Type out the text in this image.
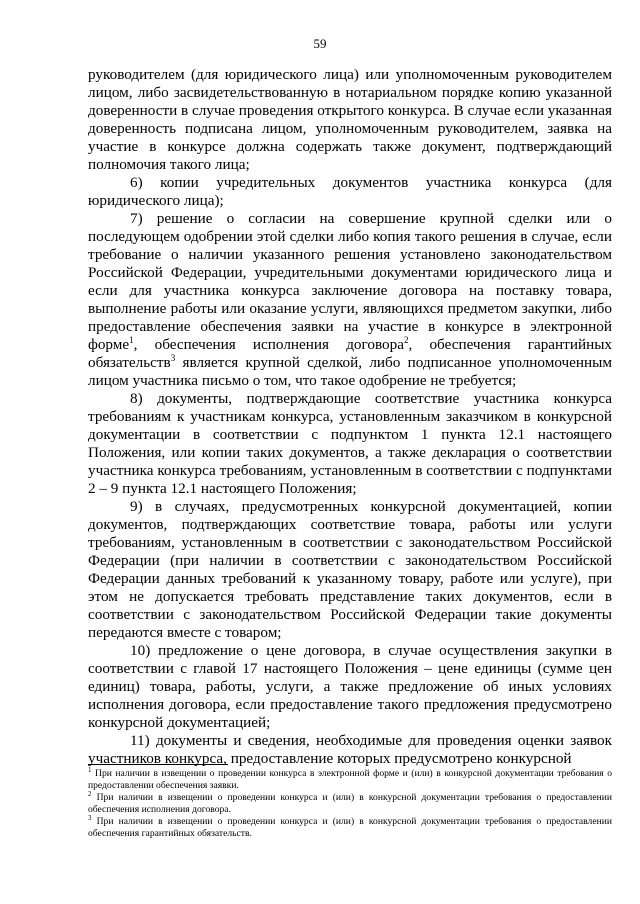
59

руководителем (для юридического лица) или уполномоченным руководителем лицом, либо засвидетельствованную в нотариальном порядке копию указанной доверенности в случае проведения открытого конкурса. В случае если указанная доверенность подписана лицом, уполномоченным руководителем, заявка на участие в конкурсе должна содержать также документ, подтверждающий полномочия такого лица;

6) копии учредительных документов участника конкурса (для юридического лица);

7) решение о согласии на совершение крупной сделки или о последующем одобрении этой сделки либо копия такого решения в случае, если требование о наличии указанного решения установлено законодательством Российской Федерации, учредительными документами юридического лица и если для участника конкурса заключение договора на поставку товара, выполнение работы или оказание услуги, являющихся предметом закупки, либо предоставление обеспечения заявки на участие в конкурсе в электронной форме$^1$, обеспечения исполнения договора$^2$, обеспечения гарантийных обязательств$^3$ является крупной сделкой, либо подписанное уполномоченным лицом участника письмо о том, что такое одобрение не требуется;

8) документы, подтверждающие соответствие участника конкурса требованиям к участникам конкурса, установленным заказчиком в конкурсной документации в соответствии с подпунктом 1 пункта 12.1 настоящего Положения, или копии таких документов, а также декларация о соответствии участника конкурса требованиям, установленным в соответствии с подпунктами 2 – 9 пункта 12.1 настоящего Положения;

9) в случаях, предусмотренных конкурсной документацией, копии документов, подтверждающих соответствие товара, работы или услуги требованиям, установленным в соответствии с законодательством Российской Федерации (при наличии в соответствии с законодательством Российской Федерации данных требований к указанному товару, работе или услуге), при этом не допускается требовать представление таких документов, если в соответствии с законодательством Российской Федерации такие документы передаются вместе с товаром;

10) предложение о цене договора, в случае осуществления закупки в соответствии с главой 17 настоящего Положения – цене единицы (сумме цен единиц) товара, работы, услуги, а также предложение об иных условиях исполнения договора, если предоставление такого предложения предусмотрено конкурсной документацией;

11) документы и сведения, необходимые для проведения оценки заявок участников конкурса, предоставление которых предусмотрено конкурсной

$^1$ При наличии в извещении о проведении конкурса в электронной форме и (или) в конкурсной документации требования о предоставлении обеспечения заявки.

$^2$ При наличии в извещении о проведении конкурса и (или) в конкурсной документации требования о предоставлении обеспечения исполнения договора.

$^3$ При наличии в извещении о проведении конкурса и (или) в конкурсной документации требования о предоставлении обеспечения гарантийных обязательств.
